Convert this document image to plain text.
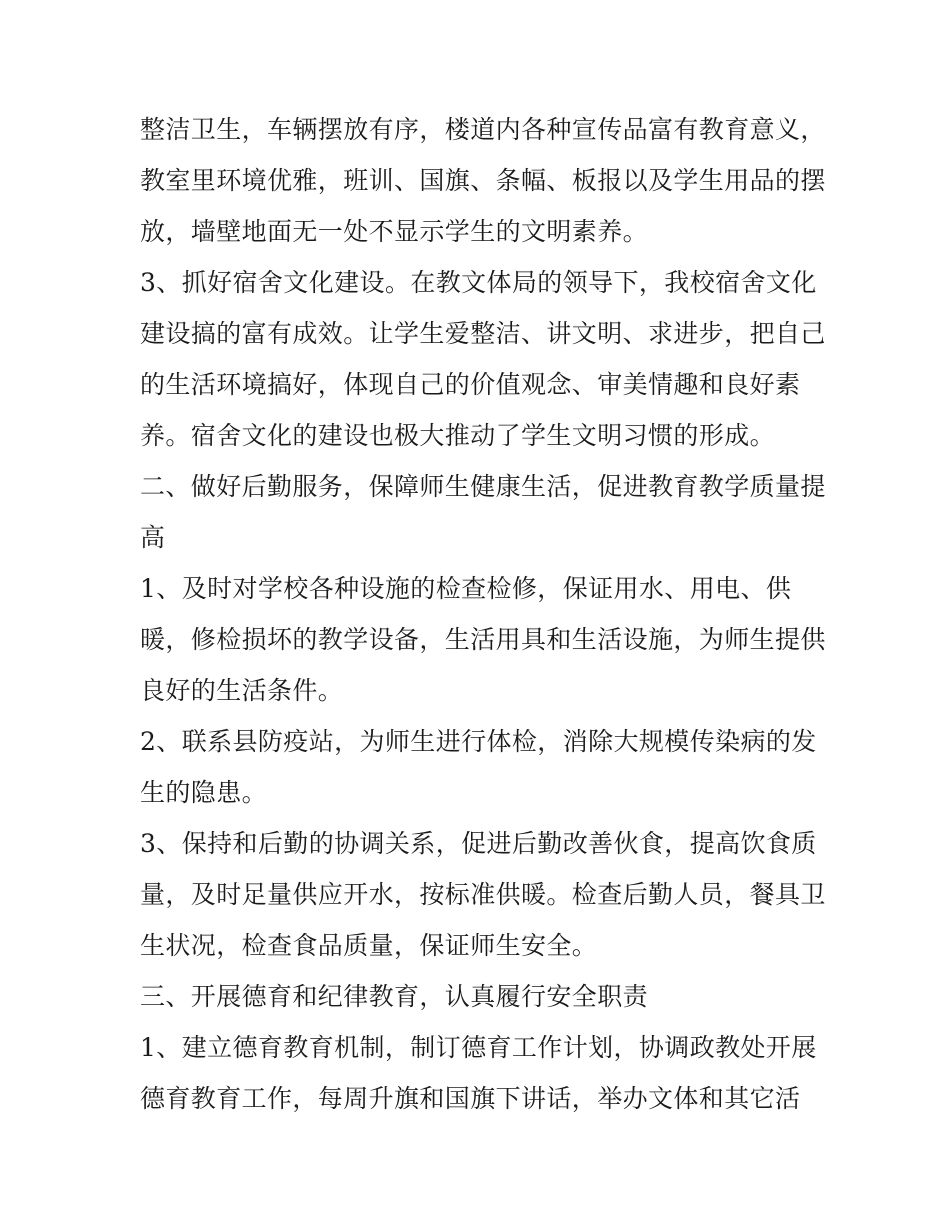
整洁卫生，车辆摆放有序，楼道内各种宣传品富有教育意义，
教室里环境优雅，班训、国旗、条幅、板报以及学生用品的摆
放，墙壁地面无一处不显示学生的文明素养。
3、抓好宿舍文化建设。在教文体局的领导下，我校宿舍文化
建设搞的富有成效。让学生爱整洁、讲文明、求进步，把自己
的生活环境搞好，体现自己的价值观念、审美情趣和良好素
养。宿舍文化的建设也极大推动了学生文明习惯的形成。
二、做好后勤服务，保障师生健康生活，促进教育教学质量提
高
1、及时对学校各种设施的检查检修，保证用水、用电、供
暖，修检损坏的教学设备，生活用具和生活设施，为师生提供
良好的生活条件。
2、联系县防疫站，为师生进行体检，消除大规模传染病的发
生的隐患。
3、保持和后勤的协调关系，促进后勤改善伙食，提高饮食质
量，及时足量供应开水，按标准供暖。检查后勤人员，餐具卫
生状况，检查食品质量，保证师生安全。
三、开展德育和纪律教育，认真履行安全职责
1、建立德育教育机制，制订德育工作计划，协调政教处开展
德育教育工作，每周升旗和国旗下讲话，举办文体和其它活
